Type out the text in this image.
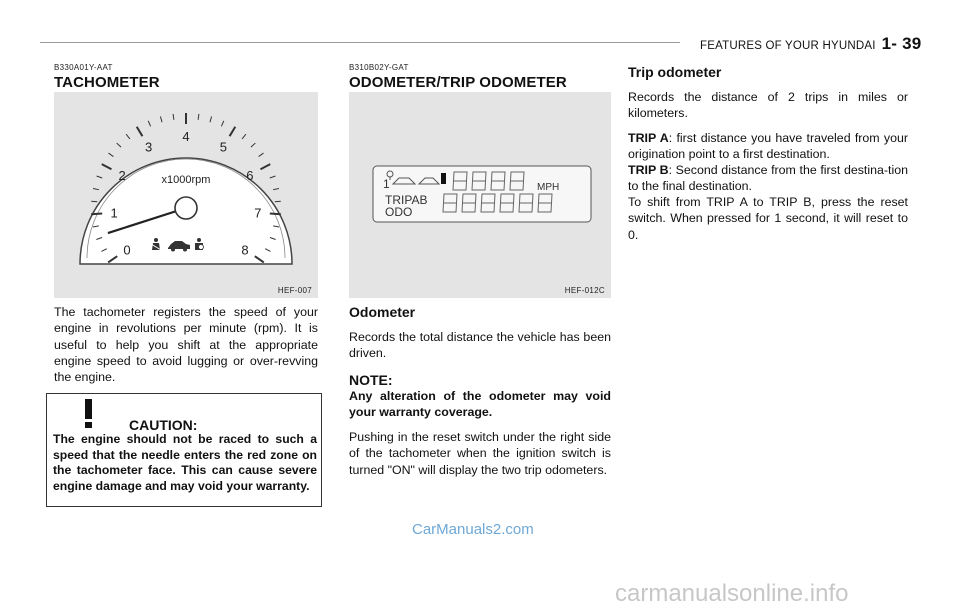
FEATURES OF YOUR HYUNDAI 1- 39
B330A01Y-AAT
TACHOMETER
0
1
2
3
4
5
6
7
8
x1000rpm
HEF-007
The tachometer registers the speed of your engine in revolutions per minute (rpm). It is useful to help you shift at the appropriate engine speed to avoid lugging or over-revving the engine.
CAUTION:
The engine should not be raced to such a speed that the needle enters the red zone on the tachometer face. This can cause severe engine damage and may void your warranty.
B310B02Y-GAT
ODOMETER/TRIP ODOMETER
1	MPH
TRIPAB
ODO
HEF-012C
Odometer
Records the total distance the vehicle has been driven.
NOTE:
Any alteration of the odometer may void your warranty coverage.
Pushing in the reset switch under the right side of the tachometer when the ignition switch is turned "ON" will display the two trip odometers.
Trip odometer
Records the distance of 2 trips in miles or kilometers.
TRIP A: first distance you have traveled from your origination point to a first destination.
TRIP B: Second distance from the first destina-tion to the final destination.
To shift from TRIP A to TRIP B, press the reset switch. When pressed for 1 second, it will reset to 0.
CarManuals2.com
carmanualsonline.info
